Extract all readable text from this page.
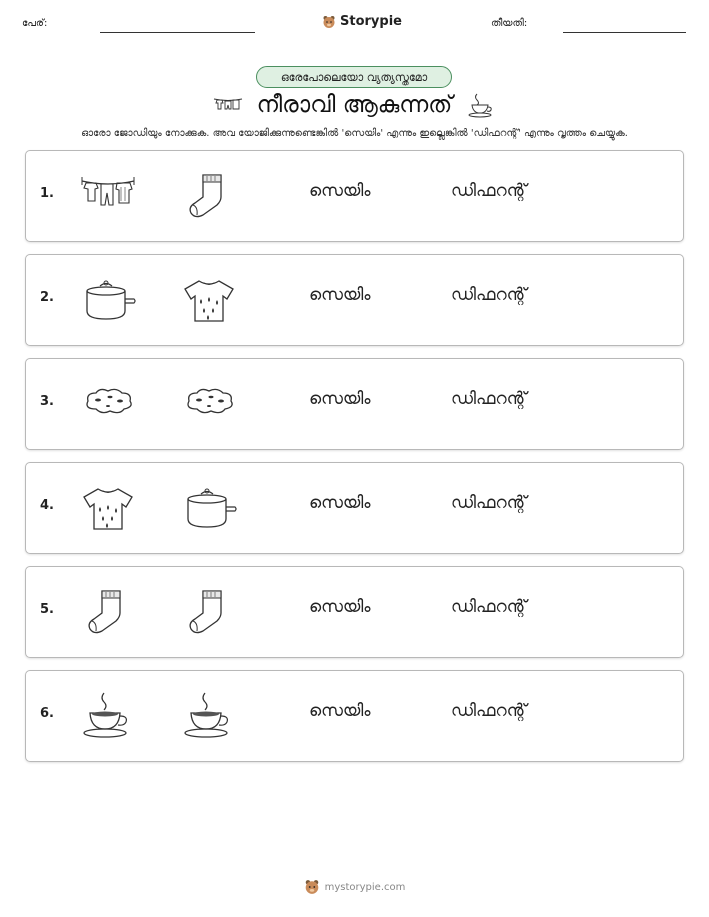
പേര്:	Storypie	തീയതി:
ഒരേപോലെയോ വ്യത്യസ്തമോ
നീരാവി ആകുന്നത്
ഓരോ ജോഡിയും നോക്കുക. അവ യോജിക്കുന്നുണ്ടെങ്കിൽ 'സെയിം' എന്നും ഇല്ലെങ്കിൽ 'ഡിഫറന്റ്' എന്നും വൃത്തം ചെയ്യുക.
1.	സെയിം	ഡിഫറന്റ്
2.	സെയിം	ഡിഫറന്റ്
3.	സെയിം	ഡിഫറന്റ്
4.	സെയിം	ഡിഫറന്റ്
5.	സെയിം	ഡിഫറന്റ്
6.	സെയിം	ഡിഫറന്റ്
mystorypie.com
